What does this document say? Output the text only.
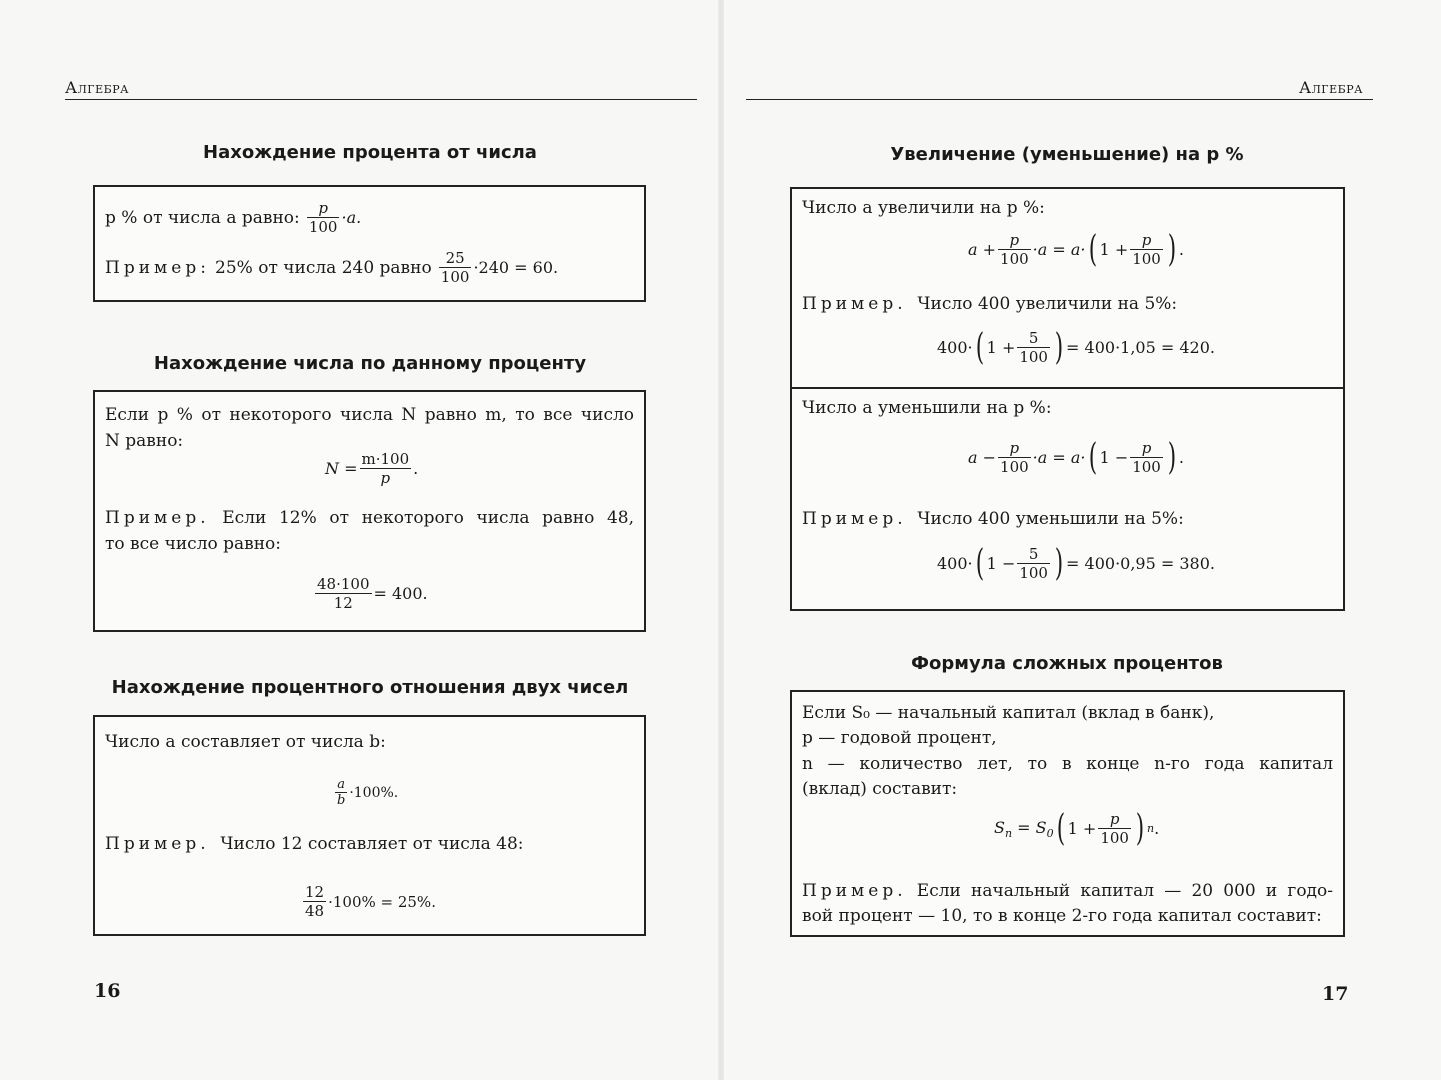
Алгебра
Нахождение процента от числа
p % от числа a равно:
$\frac{p}{100} \cdot a$.
Пример:
25% от числа 240 равно
$\frac{25}{100} \cdot 240 = 60$.
Нахождение числа по данному проценту
Если p % от некоторого числа N равно m, то все число
N равно:
$N = \frac{m\cdot 100}{p}$ .
Пример. Если 12% от некоторого числа равно 48,
то все число равно:
$\frac{48\cdot 100}{12} = 400$.
Нахождение процентного отношения двух чисел
Число a составляет от числа b:
$\frac{a}{b} \cdot 100\%$.
Пример. Число 12 составляет от числа 48:
$\frac{12}{48} \cdot 100\% = 25\%$.
16
Алгебра
Увеличение (уменьшение) на p %
Число a увеличили на p %:
$a + \frac{p}{100} \cdot a = a\cdot$ ( $1 + \frac{p}{100}$ ) .
Пример. Число 400 увеличили на 5%:
400· ( $1 + \frac{5}{100}$ ) = 400·1,05 = 420.
Число a уменьшили на p %:
$a - \frac{p}{100} \cdot a = a\cdot$ ( $1 - \frac{p}{100}$ ) .
Пример. Число 400 уменьшили на 5%:
400· ( $1 - \frac{5}{100}$ ) = 400·0,95 = 380.
Формула сложных процентов
Если S₀ — начальный капитал (вклад в банк),
p — годовой процент,
n — количество лет, то в конце n-го года капитал
(вклад) составит:
$S_n$
= $S_0$ ( $1 + \frac{p}{100}$ ) n .
Пример. Если начальный капитал — 20 000 и годо-
вой процент — 10, то в конце 2-го года капитал составит:
17
